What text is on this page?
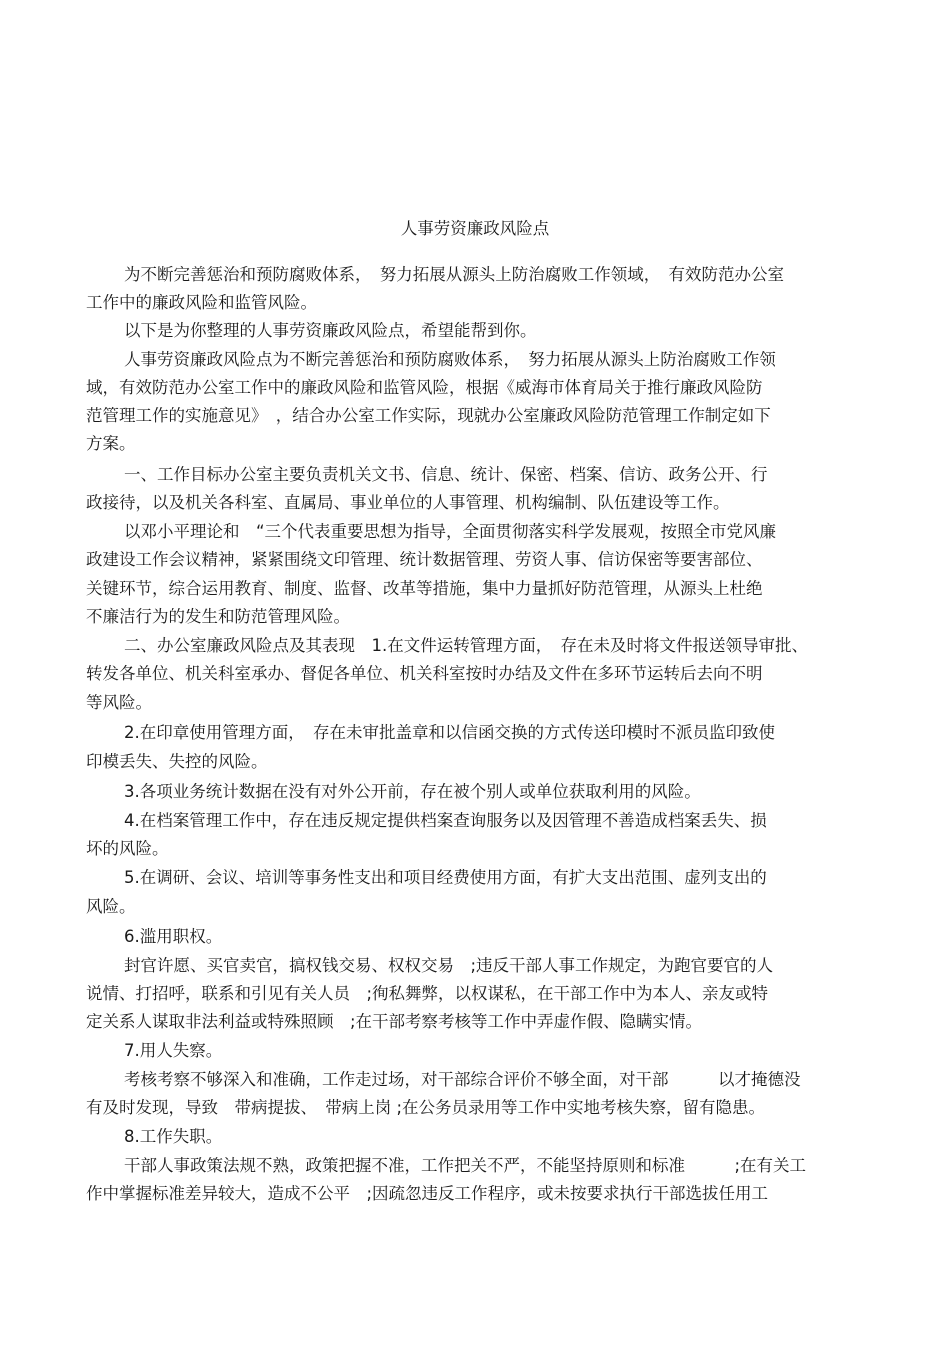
人事劳资廉政风险点
为不断完善惩治和预防腐败体系，　努力拓展从源头上防治腐败工作领域，　有效防范办公室
工作中的廉政风险和监管风险。
以下是为你整理的人事劳资廉政风险点，希望能帮到你。
人事劳资廉政风险点为不断完善惩治和预防腐败体系，　努力拓展从源头上防治腐败工作领
域，有效防范办公室工作中的廉政风险和监管风险，根据《威海市体育局关于推行廉政风险防
范管理工作的实施意见》　，结合办公室工作实际，现就办公室廉政风险防范管理工作制定如下
方案。
一、工作目标办公室主要负责机关文书、信息、统计、保密、档案、信访、政务公开、行
政接待，以及机关各科室、直属局、事业单位的人事管理、机构编制、队伍建设等工作。
以邓小平理论和　“三个代表重要思想为指导，全面贯彻落实科学发展观，按照全市党风廉
政建设工作会议精神，紧紧围绕文印管理、统计数据管理、劳资人事、信访保密等要害部位、
关键环节，综合运用教育、制度、监督、改革等措施，集中力量抓好防范管理，从源头上杜绝
不廉洁行为的发生和防范管理风险。
二、办公室廉政风险点及其表现　1.在文件运转管理方面，　存在未及时将文件报送领导审批、
转发各单位、机关科室承办、督促各单位、机关科室按时办结及文件在多环节运转后去向不明
等风险。
2.在印章使用管理方面，　存在未审批盖章和以信函交换的方式传送印模时不派员监印致使
印模丢失、失控的风险。
3.各项业务统计数据在没有对外公开前，存在被个别人或单位获取利用的风险。
4.在档案管理工作中，存在违反规定提供档案查询服务以及因管理不善造成档案丢失、损
坏的风险。
5.在调研、会议、培训等事务性支出和项目经费使用方面，有扩大支出范围、虚列支出的
风险。
6.滥用职权。
封官许愿、买官卖官，搞权钱交易、权权交易　;违反干部人事工作规定，为跑官要官的人
说情、打招呼，联系和引见有关人员　;徇私舞弊，以权谋私，在干部工作中为本人、亲友或特
定关系人谋取非法利益或特殊照顾　;在干部考察考核等工作中弄虚作假、隐瞒实情。
7.用人失察。
考核考察不够深入和准确，工作走过场，对干部综合评价不够全面，对干部　　　以才掩德没
有及时发现，导致　带病提拔、　带病上岗 ;在公务员录用等工作中实地考核失察，留有隐患。
8.工作失职。
干部人事政策法规不熟，政策把握不准，工作把关不严，不能坚持原则和标准　　　;在有关工
作中掌握标准差异较大，造成不公平　;因疏忽违反工作程序，或未按要求执行干部选拔任用工
